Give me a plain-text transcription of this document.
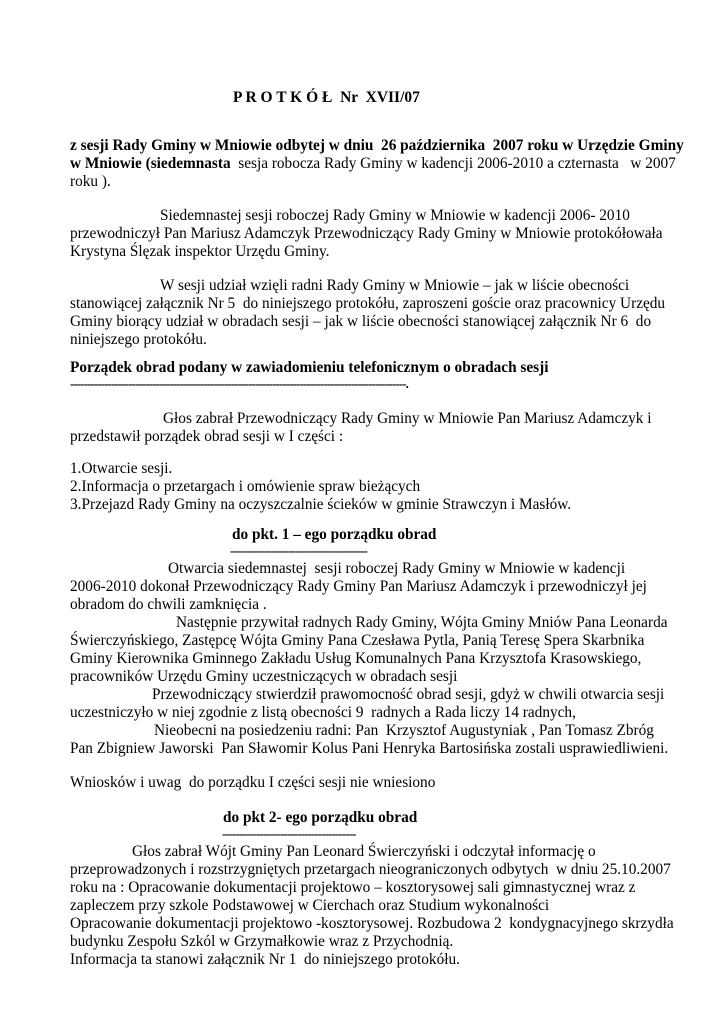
P R O T K Ó Ł  Nr  XVII/07
z sesji Rady Gminy w Mniowie odbytej w dniu  26 października  2007 roku w Urzędzie Gminy
w Mniowie (siedemnasta  sesja robocza Rady Gminy w kadencji 2006-2010 a czternasta   w 2007
roku ).
Siedemnastej sesji roboczej Rady Gminy w Mniowie w kadencji 2006- 2010
przewodniczył Pan Mariusz Adamczyk Przewodniczący Rady Gminy w Mniowie protokółowała
Krystyna Ślęzak inspektor Urzędu Gminy.
W sesji udział wzięli radni Rady Gminy w Mniowie – jak w liście obecności
stanowiącej załącznik Nr 5  do niniejszego protokółu, zaproszeni goście oraz pracownicy Urzędu
Gminy biorący udział w obradach sesji – jak w liście obecności stanowiącej załącznik Nr 6  do
niniejszego protokółu.
Porządek obrad podany w zawiadomieniu telefonicznym o obradach sesji
--------------------------------------------------------------------------------------------------.
Głos zabrał Przewodniczący Rady Gminy w Mniowie Pan Mariusz Adamczyk i
przedstawił porządek obrad sesji w I części :
1.Otwarcie sesji.
2.Informacja o przetargach i omówienie spraw bieżących
3.Przejazd Rady Gminy na oczyszczalnie ścieków w gminie Strawczyn i Masłów.
do pkt. 1 – ego porządku obrad
----------------------------------------
Otwarcia siedemnastej  sesji roboczej Rady Gminy w Mniowie w kadencji
2006-2010 dokonał Przewodniczący Rady Gminy Pan Mariusz Adamczyk i przewodniczył jej
obradom do chwili zamknięcia .
Następnie przywitał radnych Rady Gminy, Wójta Gminy Mniów Pana Leonarda
Świerczyńskiego, Zastępcę Wójta Gminy Pana Czesława Pytla, Panią Teresę Spera Skarbnika
Gminy Kierownika Gminnego Zakładu Usług Komunalnych Pana Krzysztofa Krasowskiego,
pracowników Urzędu Gminy uczestniczących w obradach sesji
Przewodniczący stwierdził prawomocność obrad sesji, gdyż w chwili otwarcia sesji
uczestniczyło w niej zgodnie z listą obecności 9  radnych a Rada liczy 14 radnych,
Nieobecni na posiedzeniu radni: Pan  Krzysztof Augustyniak , Pan Tomasz Zbróg
Pan Zbigniew Jaworski  Pan Sławomir Kolus Pani Henryka Bartosińska zostali usprawiedliwieni.
Wniosków i uwag  do porządku I części sesji nie wniesiono
do pkt 2- ego porządku obrad
---------------------------------------
Głos zabrał Wójt Gminy Pan Leonard Świerczyński i odczytał informację o
przeprowadzonych i rozstrzygniętych przetargach nieograniczonych odbytych  w dniu 25.10.2007
roku na : Opracowanie dokumentacji projektowo – kosztorysowej sali gimnastycznej wraz z
zapleczem przy szkole Podstawowej w Cierchach oraz Studium wykonalności
Opracowanie dokumentacji projektowo -kosztorysowej. Rozbudowa 2  kondygnacyjnego skrzydła
budynku Zespołu Szkól w Grzymałkowie wraz z Przychodnią.
Informacja ta stanowi załącznik Nr 1  do niniejszego protokółu.
